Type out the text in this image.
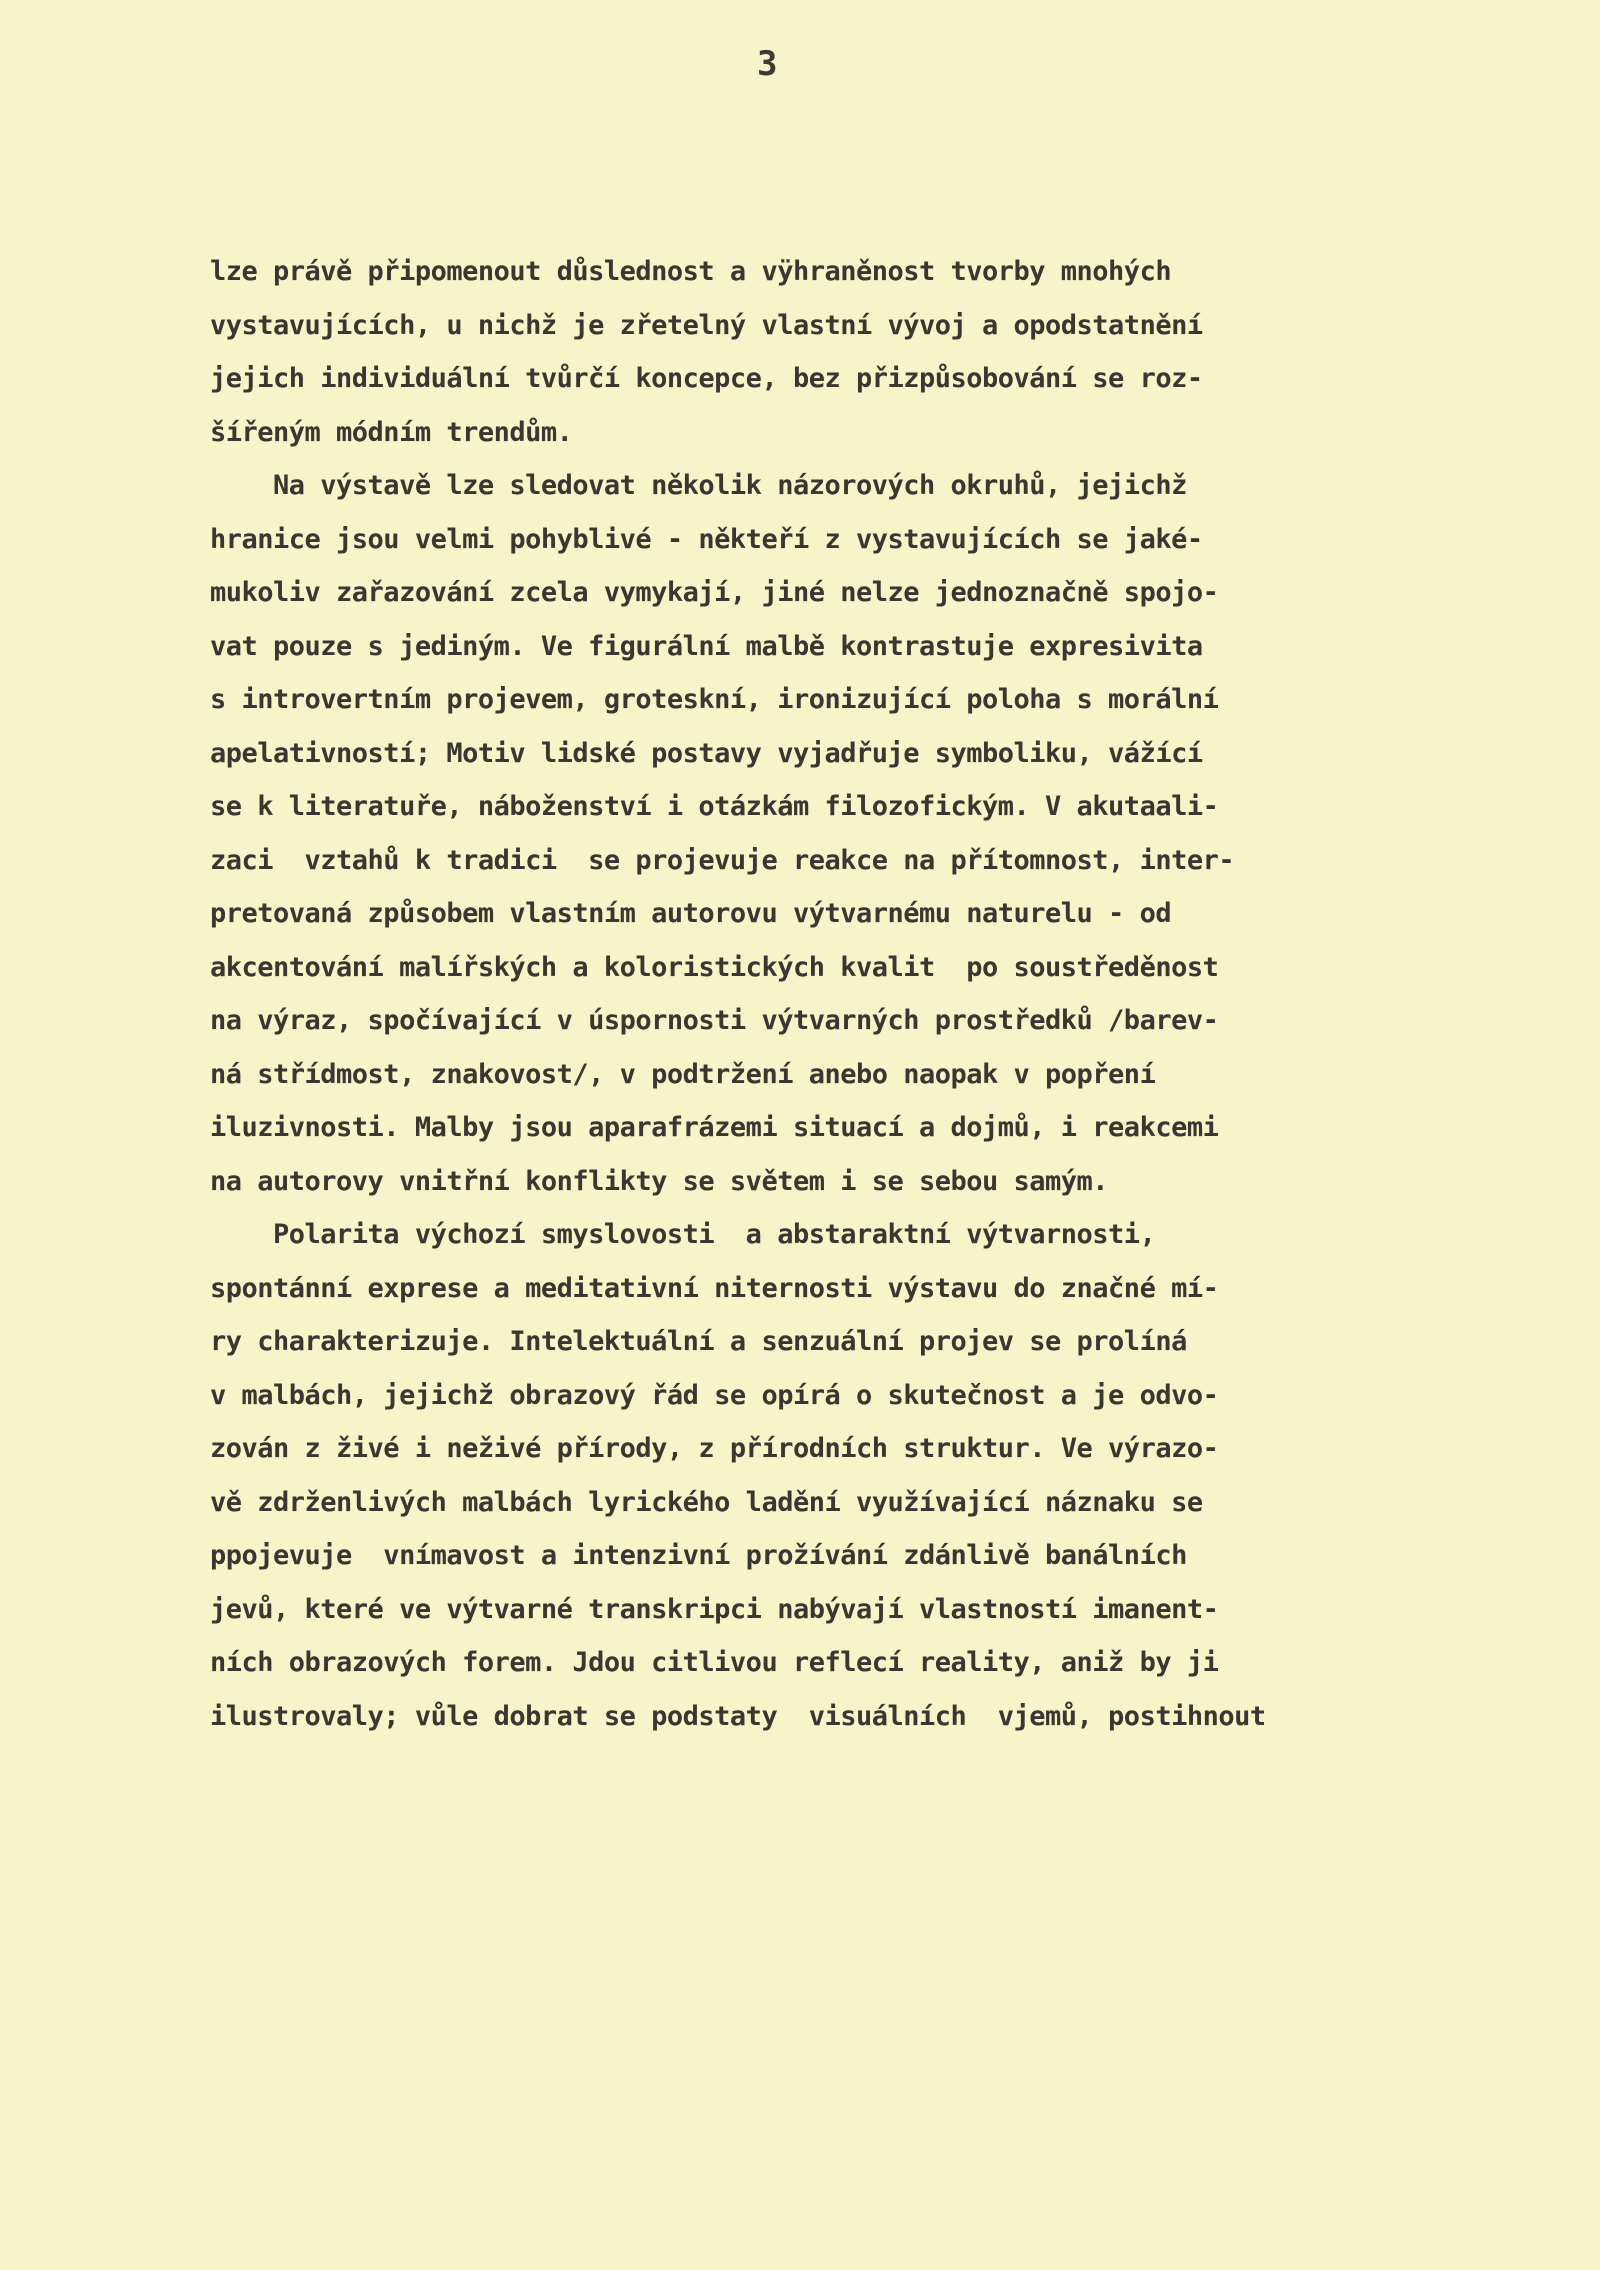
3
lze právě připomenout důslednost a vÿhraněnost tvorby mnohých
vystavujících, u nichž je zřetelný vlastní vývoj a opodstatnění
jejich individuální tvůrčí koncepce, bez přizpůsobování se roz-
šířeným módním trendům.
Na výstavě lze sledovat několik názorových okruhů, jejichž
hranice jsou velmi pohyblivé - někteří z vystavujících se jaké-
mukoliv zařazování zcela vymykají, jiné nelze jednoznačně spojo-
vat pouze s jediným. Ve figurální malbě kontrastuje expresivita
s introvertním projevem, groteskní, ironizující poloha s morální
apelativností; Motiv lidské postavy vyjadřuje symboliku, vážící
se k literatuře, náboženství i otázkám filozofickým. V akutaali-
zaci  vztahů k tradici  se projevuje reakce na přítomnost, inter-
pretovaná způsobem vlastním autorovu výtvarnému naturelu - od
akcentování malířských a koloristických kvalit  po soustředěnost
na výraz, spočívající v úspornosti výtvarných prostředků /barev-
ná střídmost, znakovost/, v podtržení anebo naopak v popření
iluzivnosti. Malby jsou aparafrázemi situací a dojmů, i reakcemi
na autorovy vnitřní konflikty se světem i se sebou samým.
Polarita výchozí smyslovosti  a abstaraktní výtvarnosti,
spontánní exprese a meditativní niternosti výstavu do značné mí-
ry charakterizuje. Intelektuální a senzuální projev se prolíná
v malbách, jejichž obrazový řád se opírá o skutečnost a je odvo-
zován z živé i neživé přírody, z přírodních struktur. Ve výrazo-
vě zdrženlivých malbách lyrického ladění využívající náznaku se
ppojevuje  vnímavost a intenzivní prožívání zdánlivě banálních
jevů, které ve výtvarné transkripci nabývají vlastností imanent-
ních obrazových forem. Jdou citlivou reflecí reality, aniž by ji
ilustrovaly; vůle dobrat se podstaty  visuálních  vjemů, postihnout
